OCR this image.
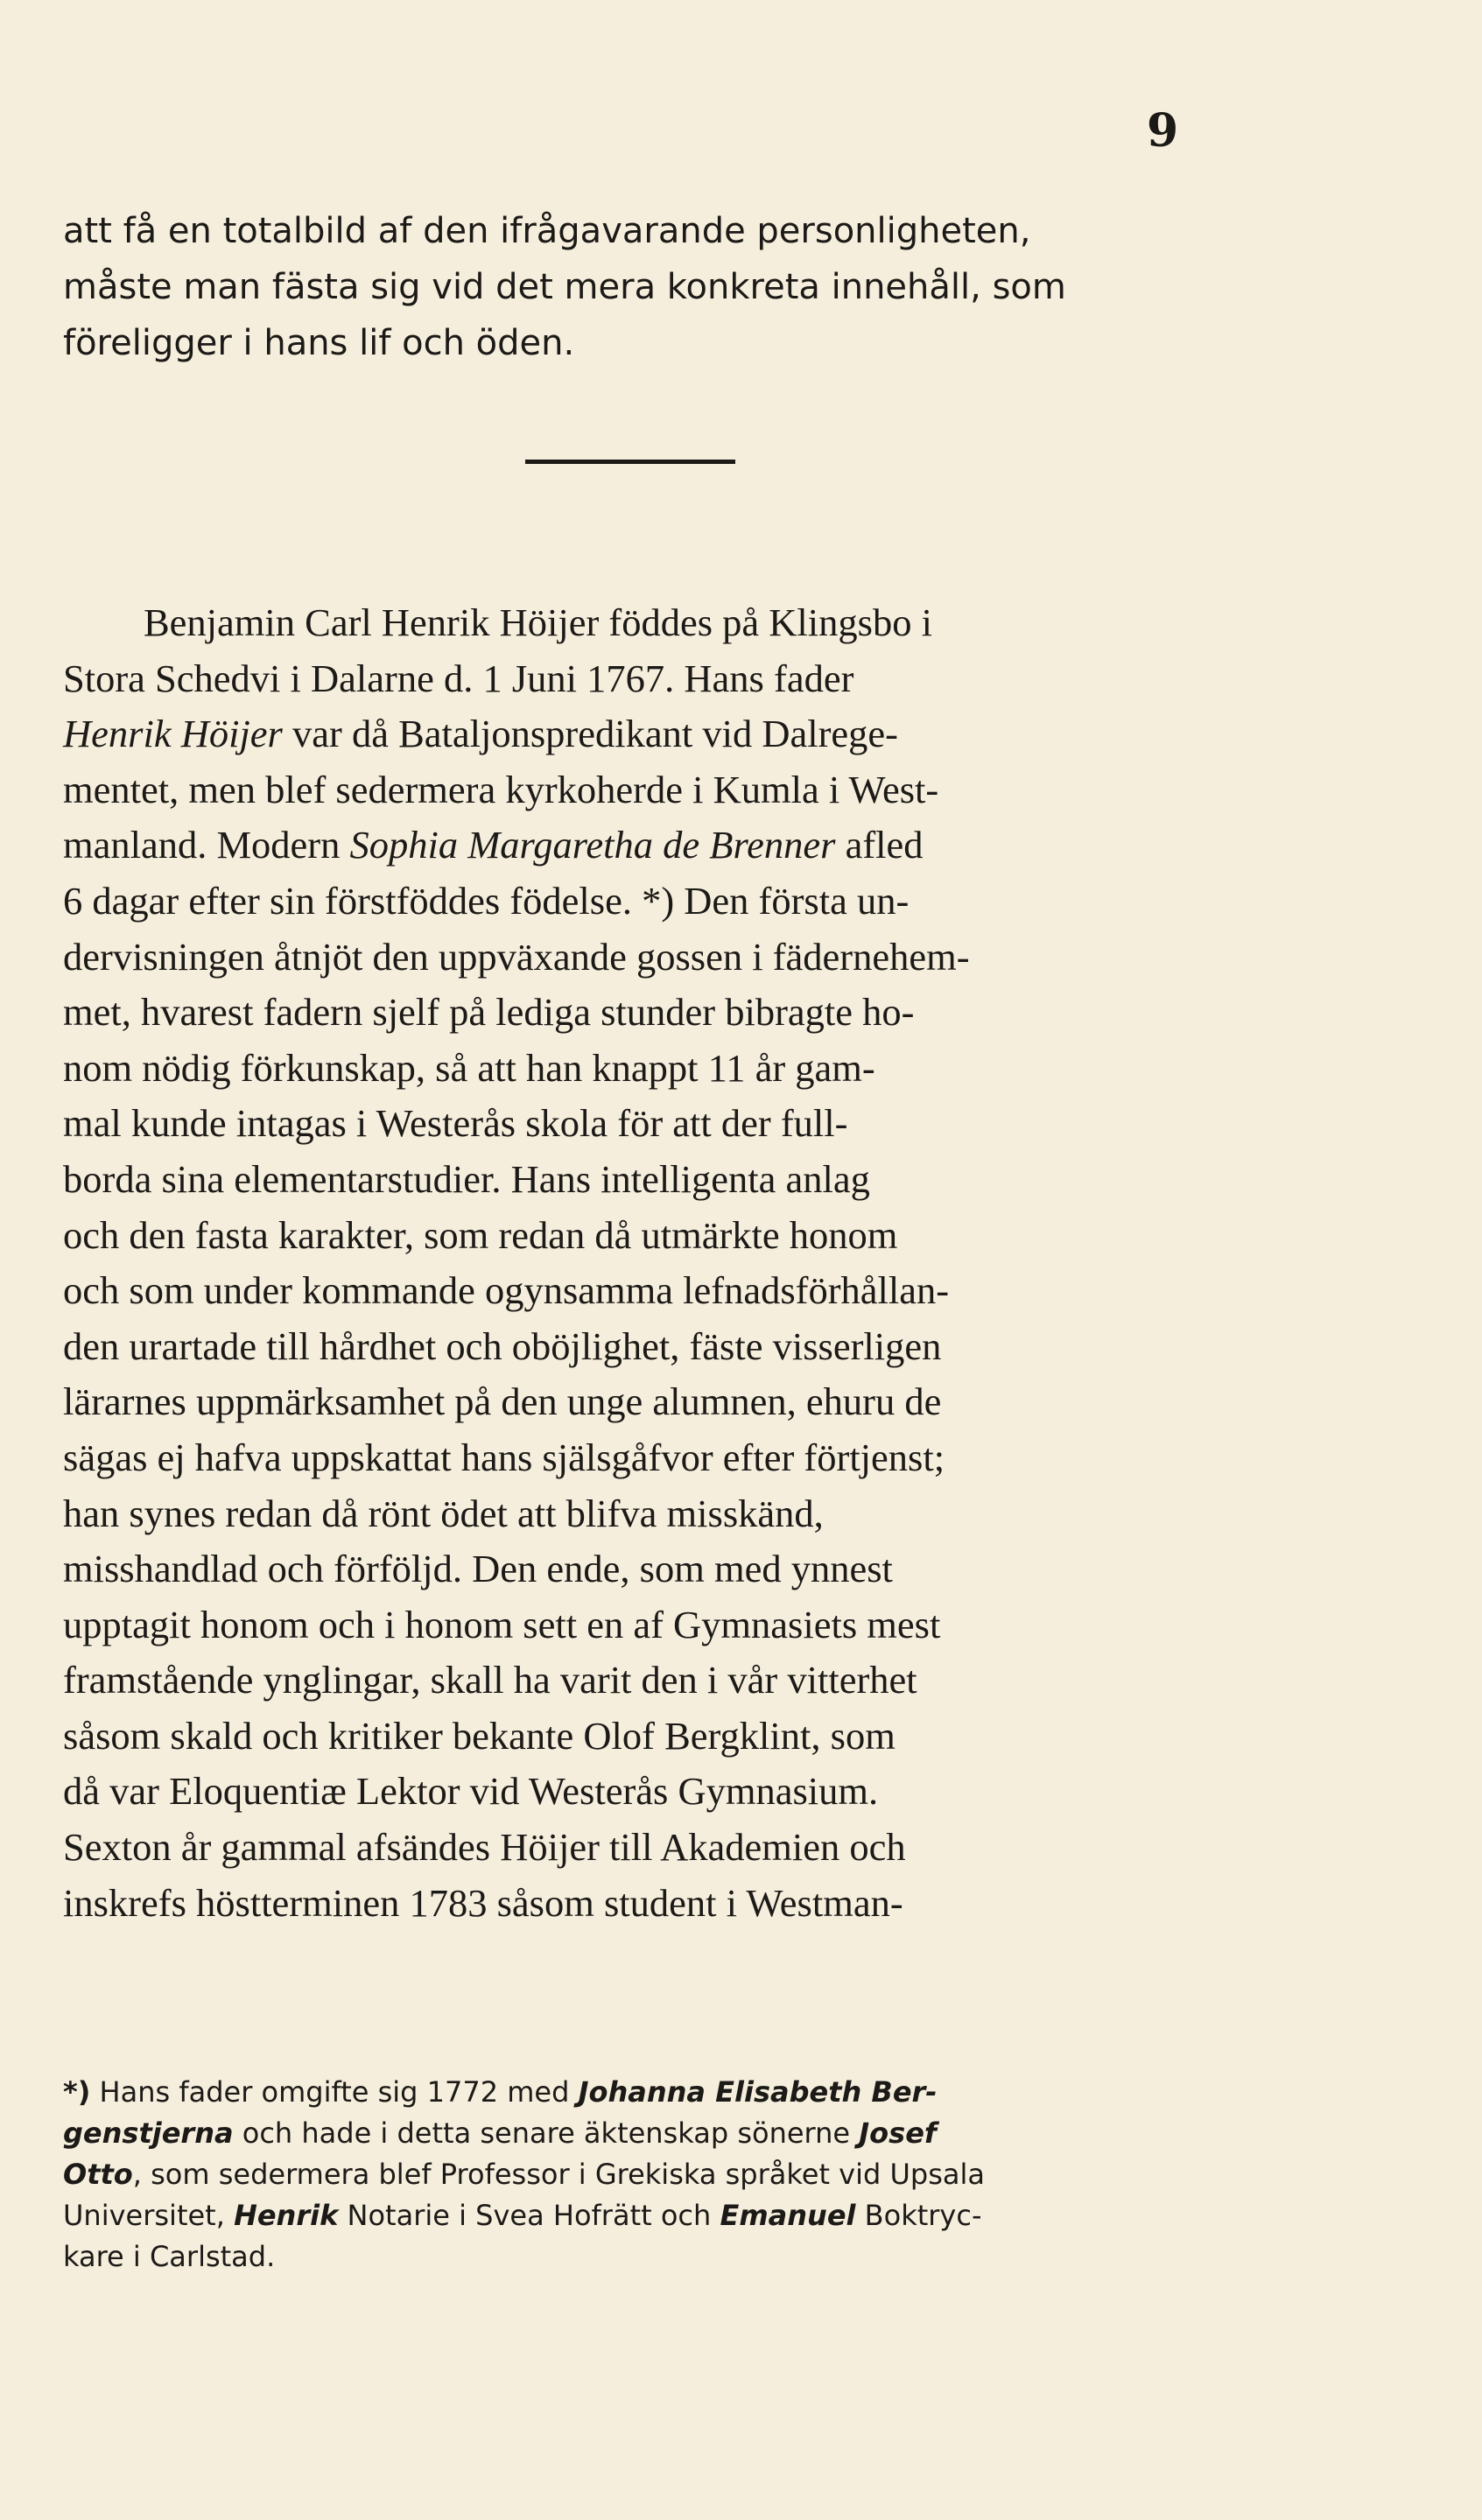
9
att få en totalbild af den ifrågavarande personligheten,
måste man fästa sig vid det mera konkreta innehåll, som
föreligger i hans lif och öden.
Benjamin Carl Henrik Höijer föddes på Klingsbo i
Stora Schedvi i Dalarne d. 1 Juni 1767. Hans fader
Henrik Höijer var då Bataljonspredikant vid Dalrege-
mentet, men blef sedermera kyrkoherde i Kumla i West-
manland. Modern Sophia Margaretha de Brenner afled
6 dagar efter sin förstföddes födelse. *) Den första un-
dervisningen åtnjöt den uppväxande gossen i fädernehem-
met, hvarest fadern sjelf på lediga stunder bibragte ho-
nom nödig förkunskap, så att han knappt 11 år gam-
mal kunde intagas i Westerås skola för att der full-
borda sina elementarstudier. Hans intelligenta anlag
och den fasta karakter, som redan då utmärkte honom
och som under kommande ogynsamma lefnadsförhållan-
den urartade till hårdhet och oböjlighet, fäste visserligen
lärarnes uppmärksamhet på den unge alumnen, ehuru de
sägas ej hafva uppskattat hans själsgåfvor efter förtjenst;
han synes redan då rönt ödet att blifva misskänd,
misshandlad och förföljd. Den ende, som med ynnest
upptagit honom och i honom sett en af Gymnasiets mest
framstående ynglingar, skall ha varit den i vår vitterhet
såsom skald och kritiker bekante Olof Bergklint, som
då var Eloquentiæ Lektor vid Westerås Gymnasium.
Sexton år gammal afsändes Höijer till Akademien och
inskrefs höstterminen 1783 såsom student i Westman-
*) Hans fader omgifte sig 1772 med Johanna Elisabeth Ber-
genstjerna och hade i detta senare äktenskap sönerne Josef
Otto, som sedermera blef Professor i Grekiska språket vid Upsala
Universitet, Henrik Notarie i Svea Hofrätt och Emanuel Boktryc-
kare i Carlstad.
